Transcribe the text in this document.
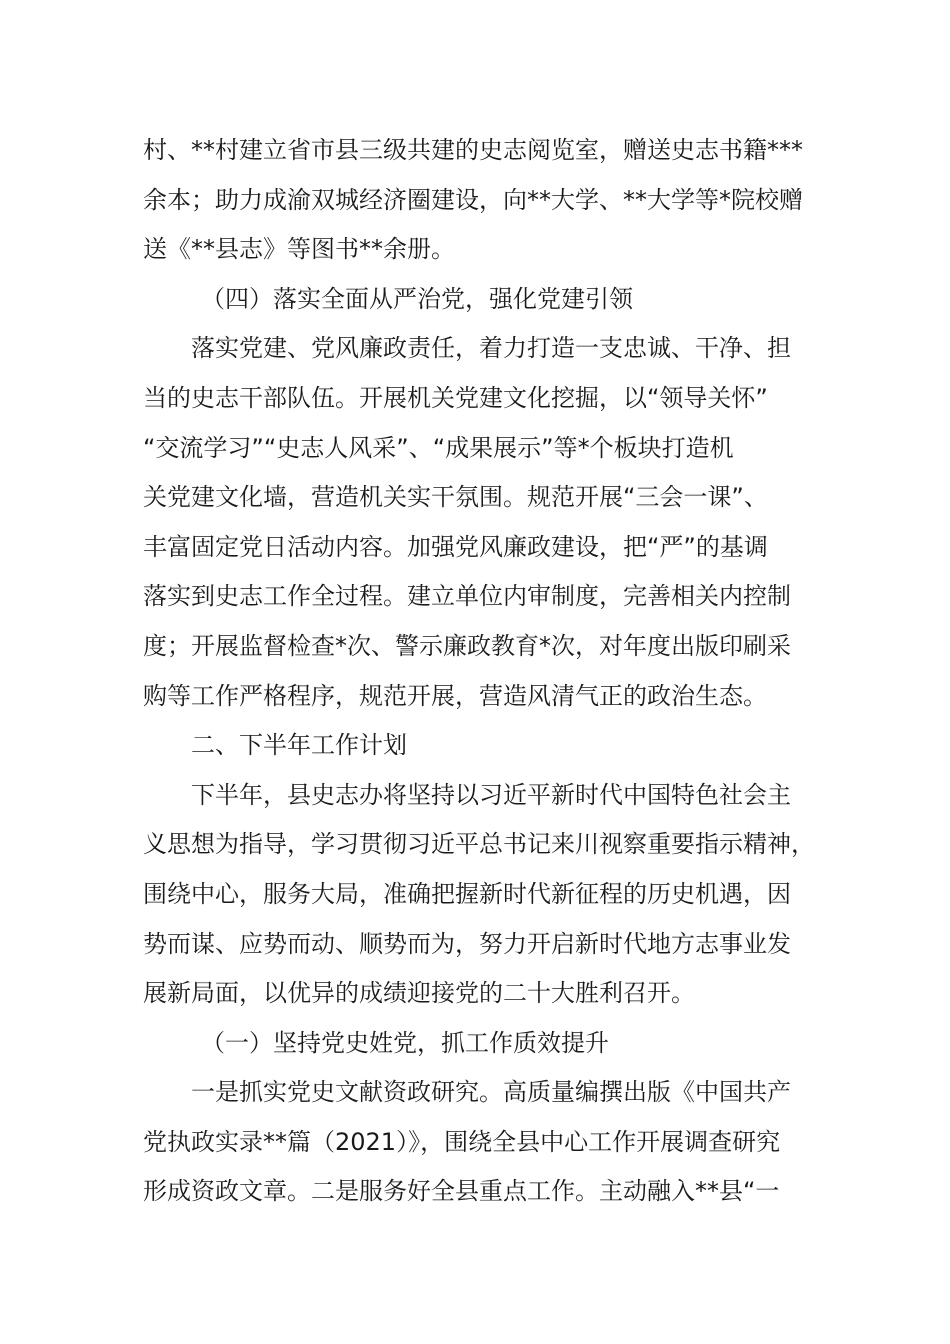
村、**村建立省市县三级共建的史志阅览室，赠送史志书籍***
余本；助力成渝双城经济圈建设，向**大学、**大学等*院校赠
送《**县志》等图书**余册。
（四）落实全面从严治党，强化党建引领
落实党建、党风廉政责任，着力打造一支忠诚、干净、担
当的史志干部队伍。开展机关党建文化挖掘，以“领导关怀”
“交流学习”“史志人风采”、“成果展示”等*个板块打造机
关党建文化墙，营造机关实干氛围。规范开展“三会一课”、
丰富固定党日活动内容。加强党风廉政建设，把“严”的基调
落实到史志工作全过程。建立单位内审制度，完善相关内控制
度；开展监督检查*次、警示廉政教育*次，对年度出版印刷采
购等工作严格程序，规范开展，营造风清气正的政治生态。
二、下半年工作计划
下半年，县史志办将坚持以习近平新时代中国特色社会主
义思想为指导，学习贯彻习近平总书记来川视察重要指示精神，
围绕中心，服务大局，准确把握新时代新征程的历史机遇，因
势而谋、应势而动、顺势而为，努力开启新时代地方志事业发
展新局面，以优异的成绩迎接党的二十大胜利召开。
（一）坚持党史姓党，抓工作质效提升
一是抓实党史文献资政研究。高质量编撰出版《中国共产
党执政实录**篇（2021）》，围绕全县中心工作开展调查研究
形成资政文章。二是服务好全县重点工作。主动融入**县“一
